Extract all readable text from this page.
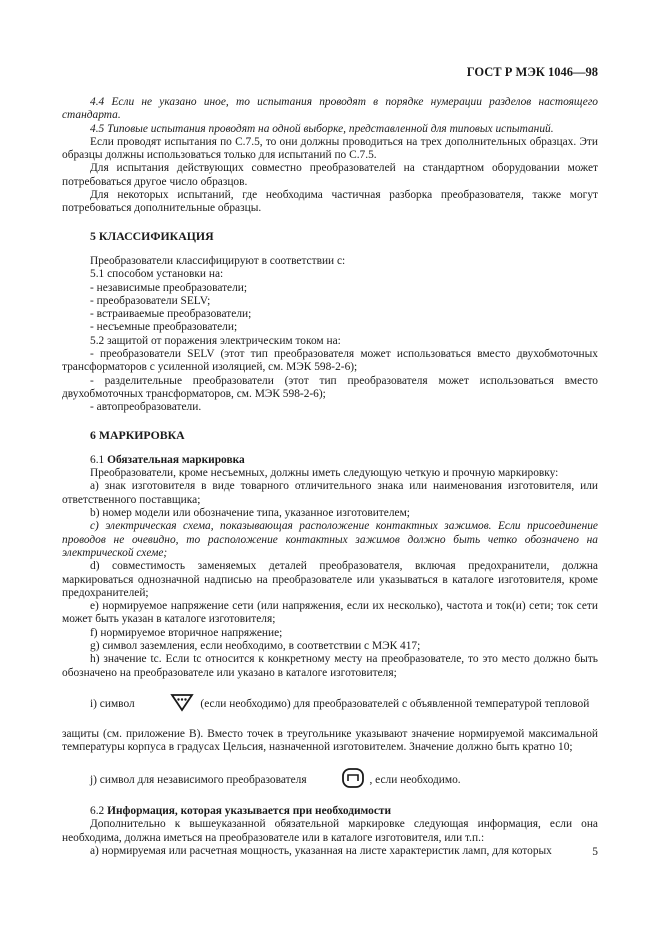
ГОСТ Р МЭК 1046—98

4.4 Если не указано иное, то испытания проводят в порядке нумерации разделов настоящего стандарта.

4.5 Типовые испытания проводят на одной выборке, представленной для типовых испытаний.

Если проводят испытания по С.7.5, то они должны проводиться на трех дополнительных образцах. Эти образцы должны использоваться только для испытаний по С.7.5.

Для испытания действующих совместно преобразователей на стандартном оборудовании может потребоваться другое число образцов.

Для некоторых испытаний, где необходима частичная разборка преобразователя, также могут потребоваться дополнительные образцы.

5 КЛАССИФИКАЦИЯ

Преобразователи классифицируют в соответствии с:

5.1 способом установки на:

- независимые преобразователи;

- преобразователи SELV;

- встраиваемые преобразователи;

- несъемные преобразователи;

5.2 защитой от поражения электрическим током на:

- преобразователи SELV (этот тип преобразователя может использоваться вместо двухобмоточных трансформаторов с усиленной изоляцией, см. МЭК 598-2-6);

- разделительные преобразователи (этот тип преобразователя может использоваться вместо двухобмоточных трансформаторов, см. МЭК 598-2-6);

- автопреобразователи.

6 МАРКИРОВКА

6.1 Обязательная маркировка

Преобразователи, кроме несъемных, должны иметь следующую четкую и прочную маркировку:

а) знак изготовителя в виде товарного отличительного знака или наименования изготовителя, или ответственного поставщика;

b) номер модели или обозначение типа, указанное изготовителем;

с) электрическая схема, показывающая расположение контактных зажимов. Если присоединение проводов не очевидно, то расположение контактных зажимов должно быть четко обозначено на электрической схеме;

d) совместимость заменяемых деталей преобразователя, включая предохранители, должна маркироваться однозначной надписью на преобразователе или указываться в каталоге изготовителя, кроме предохранителей;

е) нормируемое напряжение сети (или напряжения, если их несколько), частота и ток(и) сети; ток сети может быть указан в каталоге изготовителя;

f) нормируемое вторичное напряжение;

g) символ заземления, если необходимо, в соответствии с МЭК 417;

h) значение tс. Если tс относится к конкретному месту на преобразователе, то это место должно быть обозначено на преобразователе или указано в каталоге изготовителя;

i) символ	(если необходимо) для преобразователей с объявленной температурой тепловой

защиты (см. приложение В). Вместо точек в треугольнике указывают значение нормируемой максимальной температуры корпуса в градусах Цельсия, назначенной изготовителем. Значение должно быть кратно 10;

j) символ для независимого преобразователя	, если необходимо.

6.2 Информация, которая указывается при необходимости

Дополнительно к вышеуказанной обязательной маркировке следующая информация, если она необходима, должна иметься на преобразователе или в каталоге изготовителя, или т.п.:

а) нормируемая или расчетная мощность, указанная на листе характеристик ламп, для которых	5
